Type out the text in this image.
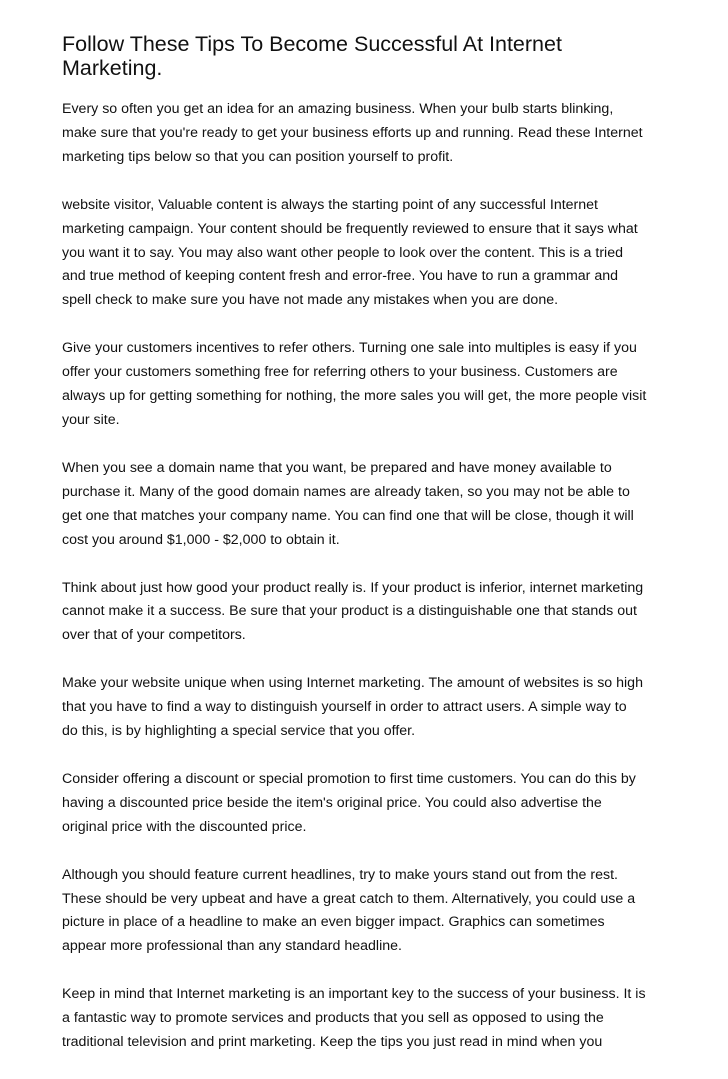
Follow These Tips To Become Successful At Internet
Marketing.
Every so often you get an idea for an amazing business. When your bulb starts blinking,
make sure that you're ready to get your business efforts up and running. Read these Internet
marketing tips below so that you can position yourself to profit.
website visitor, Valuable content is always the starting point of any successful Internet
marketing campaign. Your content should be frequently reviewed to ensure that it says what
you want it to say. You may also want other people to look over the content. This is a tried
and true method of keeping content fresh and error-free. You have to run a grammar and
spell check to make sure you have not made any mistakes when you are done.
Give your customers incentives to refer others. Turning one sale into multiples is easy if you
offer your customers something free for referring others to your business. Customers are
always up for getting something for nothing, the more sales you will get, the more people visit
your site.
When you see a domain name that you want, be prepared and have money available to
purchase it. Many of the good domain names are already taken, so you may not be able to
get one that matches your company name. You can find one that will be close, though it will
cost you around $1,000 - $2,000 to obtain it.
Think about just how good your product really is. If your product is inferior, internet marketing
cannot make it a success. Be sure that your product is a distinguishable one that stands out
over that of your competitors.
Make your website unique when using Internet marketing. The amount of websites is so high
that you have to find a way to distinguish yourself in order to attract users. A simple way to
do this, is by highlighting a special service that you offer.
Consider offering a discount or special promotion to first time customers. You can do this by
having a discounted price beside the item's original price. You could also advertise the
original price with the discounted price.
Although you should feature current headlines, try to make yours stand out from the rest.
These should be very upbeat and have a great catch to them. Alternatively, you could use a
picture in place of a headline to make an even bigger impact. Graphics can sometimes
appear more professional than any standard headline.
Keep in mind that Internet marketing is an important key to the success of your business. It is
a fantastic way to promote services and products that you sell as opposed to using the
traditional television and print marketing. Keep the tips you just read in mind when you
